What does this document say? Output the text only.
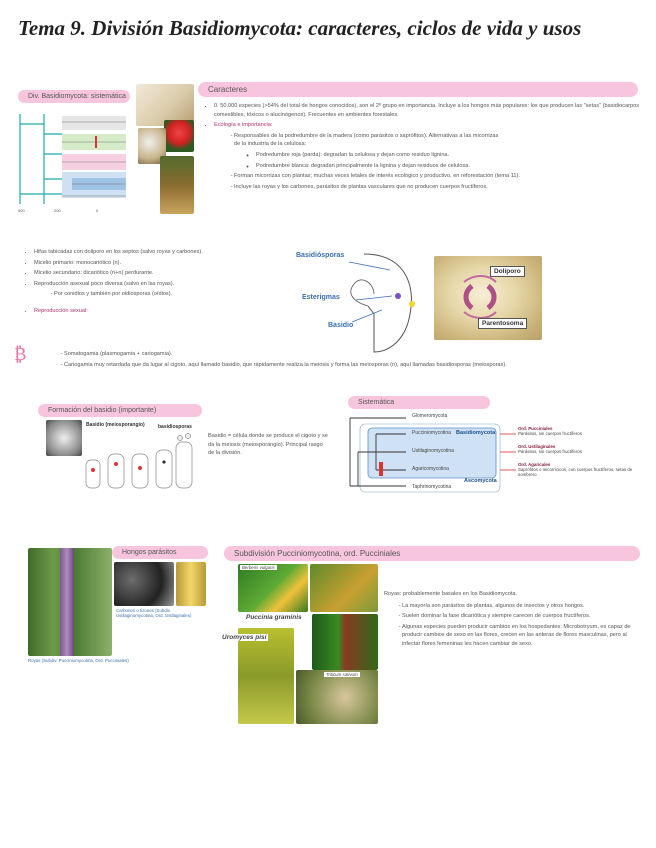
Tema 9. División Basidiomycota: caracteres, ciclos de vida y usos
Div. Basidiomycota: sistemática
400	200	0
Caracteres
• 0. 50.000 especies (>54% del total de hongos conocidos), son el 2º grupo en importancia. Incluye a los hongos más populares: los que producen las "setas" (basidiocarpos comestibles, tóxicos o alucinógenos). Frecuentes en ambientes forestales.
• Ecología e importancia:
- Responsables de la podredumbre de la madera (como parásitos o saprófitos). Alternativas a las micorrizas
de la industria de la celulosa:
◦ Podredumbre roja (parda): degradan la celulosa y dejan como residuo lignina.
◦ Podredumbre blanca: degradan principalmente la lignina y dejan residuos de celulosa.
- Forman micorrizas con plantas; muchas veces letales de interés ecológico y productivo, en reforestación (tema 11).
- Incluye las royas y los carbones, parásitos de plantas vasculares que no producen cuerpos fructíferos.
• Hifas tabicadas con doliporo en los septos (salvo royas y carbones).
• Micelio primario: monocariótico (n).
• Micelio secundario: dicariótico (n+n) perdurante.
• Reproducción asexual poco diversa (salvo en las royas).
- Por conidios y también por oidiosporas (oídios).
• Reproducción sexual:
Basidiósporas
Esterigmas
Basidio
Doliporo
Parentosoma
₿
-	Somatogamia (plasmogamia + cariogamia).
- Cariogamia muy retardada que da lugar al cigoto, aquí llamado basidio, que rápidamente realiza la meiosis y forma las meiosporas (n), aquí llamadas basidiosporas (meiosporas).
Formación del basidio (importante)
Basidio (meiosporangio)	basidiosporas
Basidio = célula donde se produce el cigoto y se da la meiosis (meiosporangio). Principal rasgo de la división.
Sistemática
Glomeromycota
Pucciniomycotina
Ustilaginomycotina
Agaricomycotina
Taphrinomycotina
Basidiomycota
Ascomycota
Ord. Pucciniales
Parásitos, sin cuerpos fructíferos
Ord. Ustilaginales
Parásitos, sin cuerpos fructíferos
Ord. Agaricales
Saprófitos o micorrícicos, con cuerpos fructíferos, setas de sombrero
Hongos parásitos
Carbones o tizones (Subdiv. Ustilaginomycotina, Ord. Ustilaginales)
Royas (Subdiv. Pucciniomycotina, Ord. Pucciniales)
Subdivisión Pucciniomycotina, ord. Pucciniales
Berberis vulgaris
Puccinia graminis
Uromyces pisi
Triticum sativum
Royas: probablemente basales en los Basidiomycota.
- La mayoría son parásitos de plantas, algunos de insectos y otros hongos.
- Suelen dominar la fase dicariótica y siempre carecen de cuerpos fructíferos.
- Algunas especies pueden producir cambios en los hospedantes: Microbotryum, es capaz de producir cambios de sexo en las flores, crecen en las anteras de flores masculinas, pero al infectar flores femeninas les hacen cambiar de sexo.
